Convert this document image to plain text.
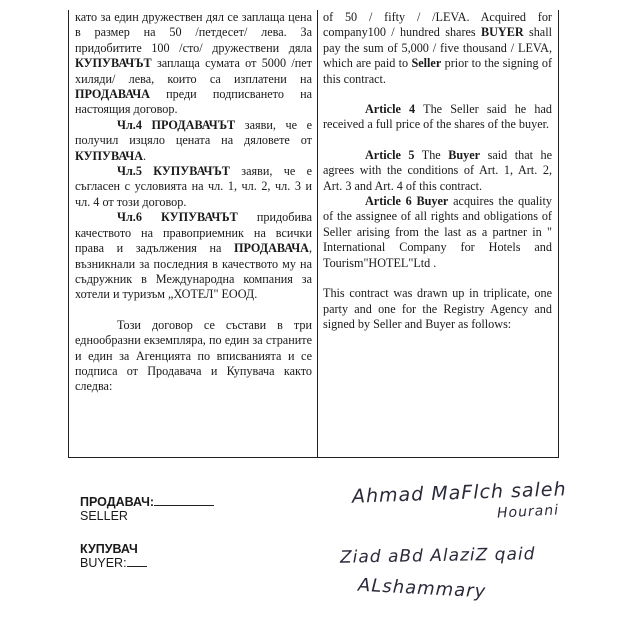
като за един дружествен дял се заплаща цена в размер на 50 /петдесет/ лева. За придобитите 100 /сто/ дружествени дяла КУПУВАЧЪТ заплаща сумата от 5000 /пет хиляди/ лева, които са изплатени на ПРОДАВАЧА преди подписването на настоящия договор.

Чл.4 ПРОДАВАЧЪТ заяви, че е получил изцяло цената на дяловете от КУПУВАЧА.

Чл.5 КУПУВАЧЪТ заяви, че е съгласен с условията на чл. 1, чл. 2, чл. 3 и чл. 4 от този договор.

Чл.6 КУПУВАЧЪТ придобива качеството на правоприемник на всички права и задължения на ПРОДАВАЧА, възникнали за последния в качеството му на съдружник в Международна компания за хотели и туризъм „ХОТЕЛ" ЕООД.

Този договор се състави в три еднообразни екземпляра, по един за страните и един за Агенцията по вписванията и се подписа от Продавача и Купувача както следва:

of 50 / fifty / /LEVA. Acquired for company100 / hundred shares BUYER shall pay the sum of 5,000 / five thousand / LEVA, which are paid to Seller prior to the signing of this contract.

Article 4 The Seller said he had received a full price of the shares of the buyer.

Article 5 The Buyer said that he agrees with the conditions of Art. 1, Art. 2, Art. 3 and Art. 4 of this contract.

Article 6 Buyer acquires the quality of the assignee of all rights and obligations of Seller arising from the last as a partner in " International Company for Hotels and Tourism"HOTEL"Ltd .

This contract was drawn up in triplicate, one party and one for the Registry Agency and signed by Seller and Buyer as follows:

ПРОДАВАЧ:
SELLER
КУПУВАЧ
BUYER:
Ahmad MaFlch saleh
Hourani
Ziad aBd AlaziZ qaid
ALshammary
